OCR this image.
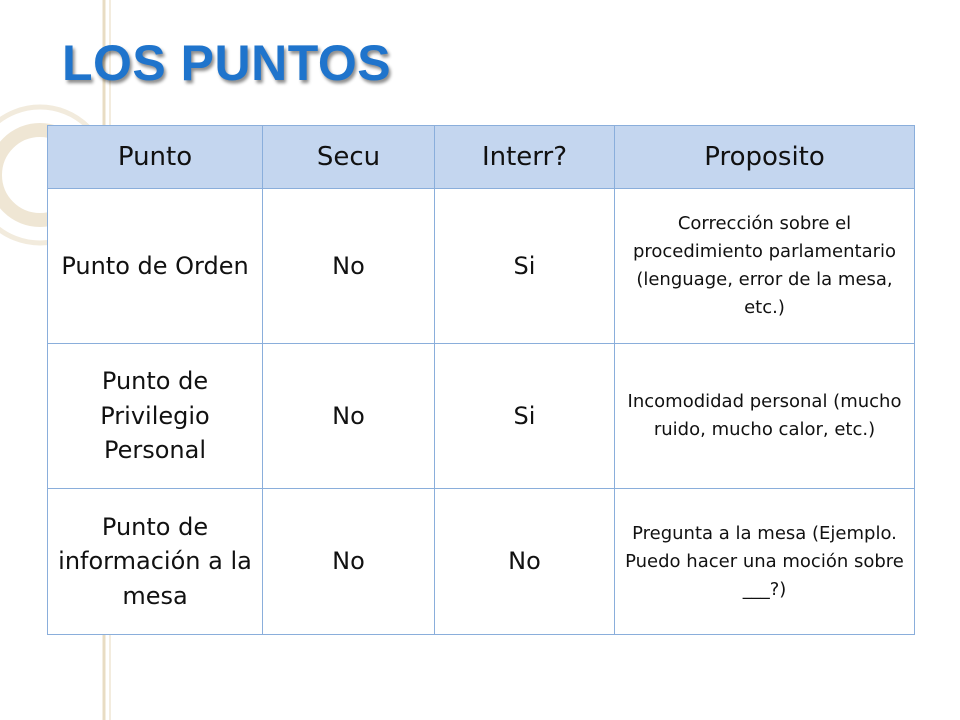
LOS PUNTOS
Punto	Secu	Interr?	Proposito
Punto de Orden	No	Si	Corrección sobre el procedimiento parlamentario (lenguage, error de la mesa, etc.)
Punto de Privilegio Personal	No	Si	Incomodidad personal (mucho ruido, mucho calor, etc.)
Punto de información a la mesa	No	No	Pregunta a la mesa (Ejemplo. Puedo hacer una moción sobre ___?)
